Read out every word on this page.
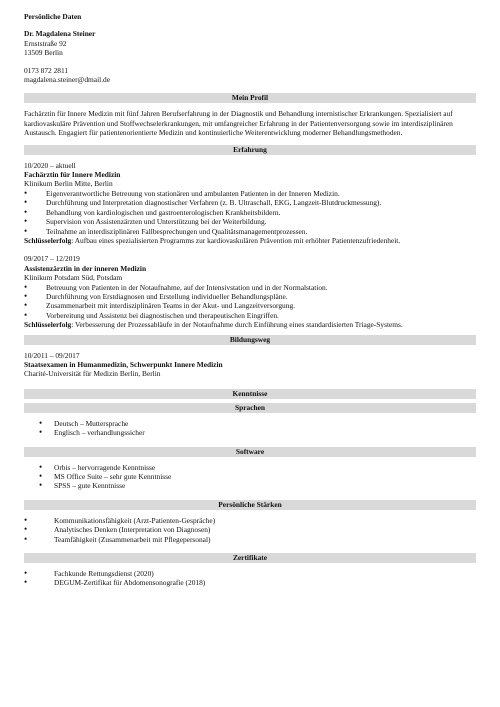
Persönliche Daten

Dr. Magdalena Steiner

Ernststraße 92

13509 Berlin

0173 872 2811

magdalena.steiner@dmail.de

Mein Profil

Fachärztin für Innere Medizin mit fünf Jahren Berufserfahrung in der Diagnostik und Behandlung internistischer Erkrankungen. Spezialisiert auf kardiovaskuläre Prävention und Stoffwechselerkrankungen, mit umfangreicher Erfahrung in der Patientenversorgung sowie im interdisziplinären Austausch. Engagiert für patientenorientierte Medizin und kontinuierliche Weiterentwicklung moderner Behandlungsmethoden.

Erfahrung

10/2020 – aktuell

Fachärztin für Innere Medizin

Klinikum Berlin Mitte, Berlin

• Eigenverantwortliche Betreuung von stationären und ambulanten Patienten in der Inneren Medizin.
• Durchführung und Interpretation diagnostischer Verfahren (z. B. Ultraschall, EKG, Langzeit-Blutdruckmessung).
• Behandlung von kardiologischen und gastroenterologischen Krankheitsbildern.
• Supervision von Assistenzärzten und Unterstützung bei der Weiterbildung.
• Teilnahme an interdisziplinären Fallbesprechungen und Qualitätsmanagementprozessen.

Schlüsselerfolg: Aufbau eines spezialisierten Programms zur kardiovaskulären Prävention mit erhöhter Patientenzufriedenheit.

09/2017 – 12/2019

Assistenzärztin in der inneren Medizin

Klinikum Potsdam Süd, Potsdam

• Betreuung von Patienten in der Notaufnahme, auf der Intensivstation und in der Normalstation.
• Durchführung von Erstdiagnosen und Erstellung individueller Behandlungspläne.
• Zusammenarbeit mit interdisziplinären Teams in der Akut- und Langzeitversorgung.
• Vorbereitung und Assistenz bei diagnostischen und therapeutischen Eingriffen.

Schlüsselerfolg: Verbesserung der Prozessabläufe in der Notaufnahme durch Einführung eines standardisierten Triage-Systems.

Bildungsweg

10/2011 – 09/2017

Staatsexamen in Humanmedizin, Schwerpunkt Innere Medizin

Charité-Universität für Medizin Berlin, Berlin

Kenntnisse
Sprachen
• Deutsch – Muttersprache
• Englisch – verhandlungssicher
Software
• Orbis – hervorragende Kenntnisse
• MS Office Suite – sehr gute Kenntnisse
• SPSS – gute Kenntnisse
Persönliche Stärken
• Kommunikationsfähigkeit (Arzt-Patienten-Gespräche)
• Analytisches Denken (Interpretation von Diagnosen)
• Teamfähigkeit (Zusammenarbeit mit Pflegepersonal)
Zertifikate
• Fachkunde Rettungsdienst (2020)
• DEGUM-Zertifikat für Abdomensonografie (2018)
